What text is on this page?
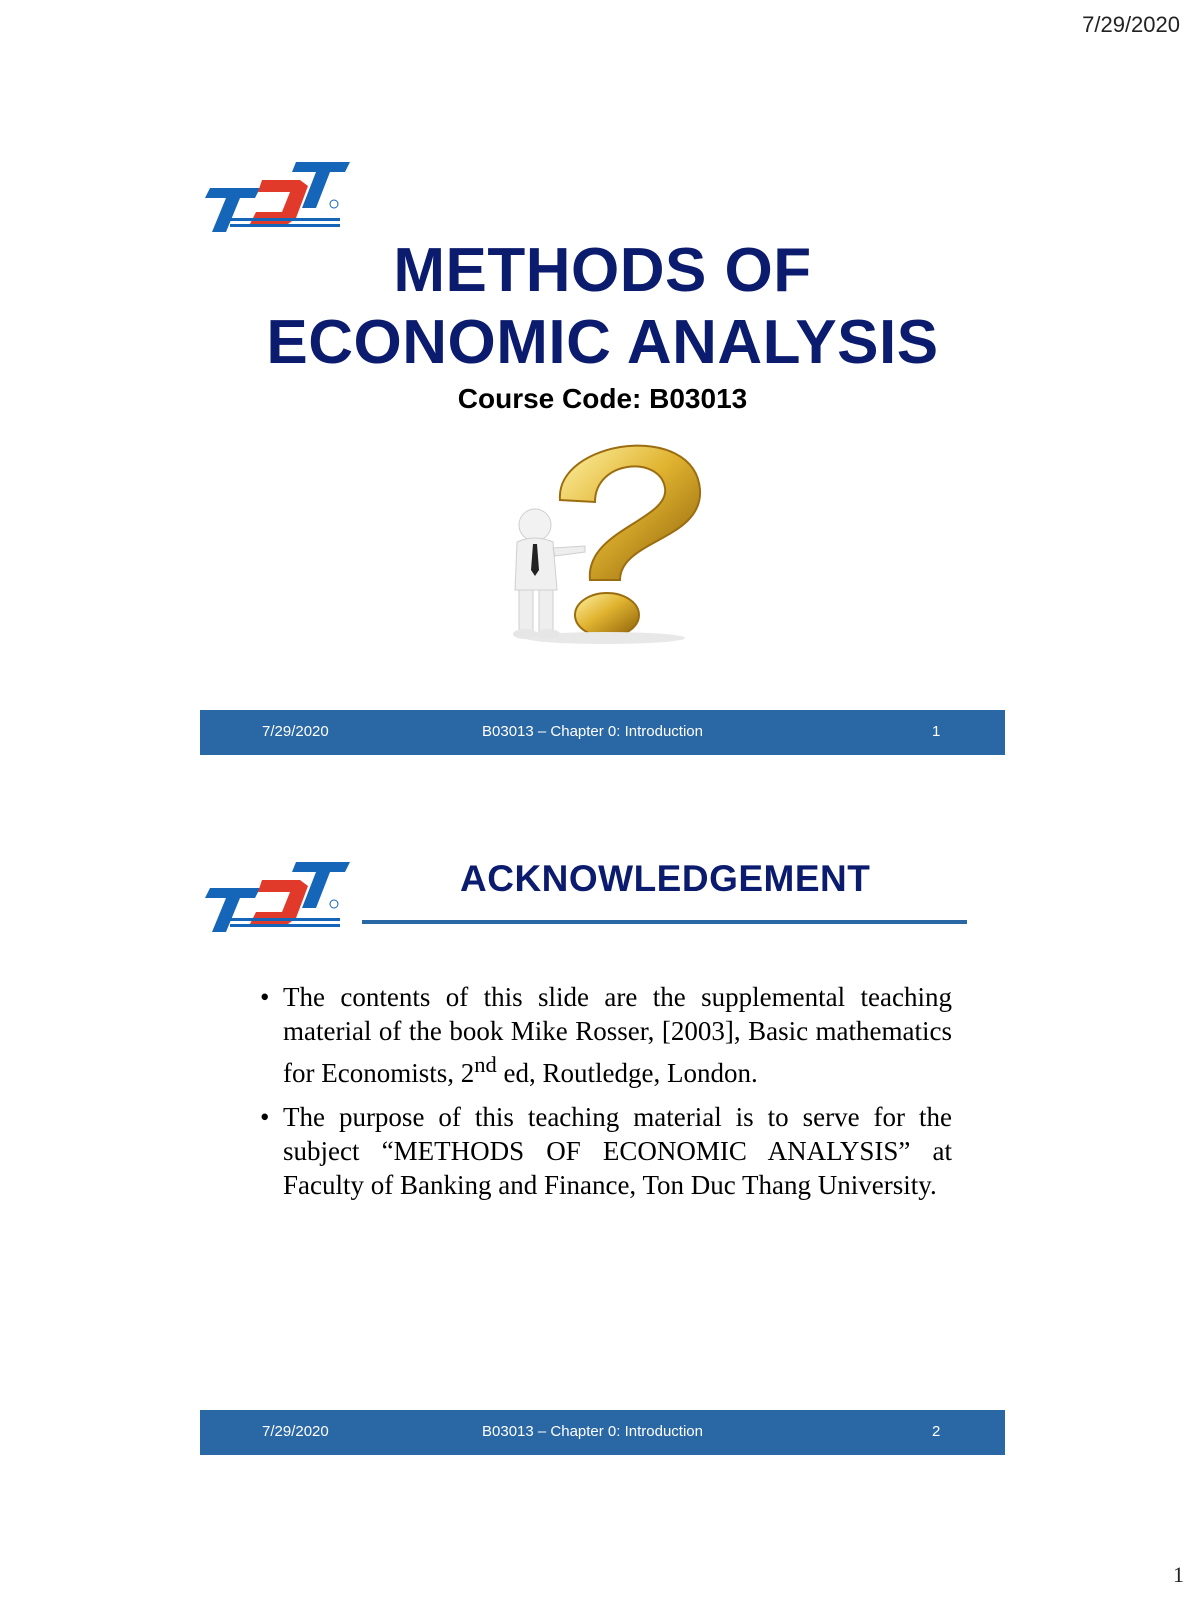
7/29/2020
METHODS OF
ECONOMIC ANALYSIS
Course Code: B03013
7/29/2020	B03013 – Chapter 0: Introduction	1
ACKNOWLEDGEMENT
• The contents of this slide are the supplemental teaching material of the book Mike Rosser, [2003], Basic mathematics for Economists, 2nd ed, Routledge, London.
• The purpose of this teaching material is to serve for the subject “METHODS OF ECONOMIC ANALYSIS” at Faculty of Banking and Finance, Ton Duc Thang University.
7/29/2020	B03013 – Chapter 0: Introduction	2
1
